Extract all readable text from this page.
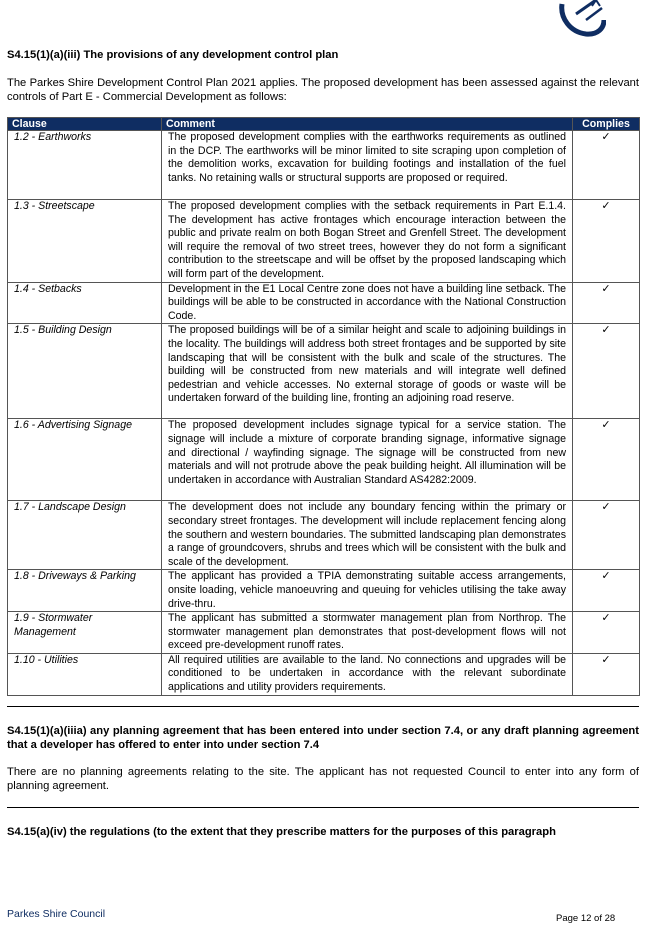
S4.15(1)(a)(iii) The provisions of any development control plan
The Parkes Shire Development Control Plan 2021 applies. The proposed development has been assessed against the relevant controls of Part E - Commercial Development as follows:
Clause	Comment	Complies
1.2 - Earthworks	The proposed development complies with the earthworks requirements as outlined in the DCP. The earthworks will be minor limited to site scraping upon completion of the demolition works, excavation for building footings and installation of the fuel tanks. No retaining walls or structural supports are proposed or required.	✓
1.3 - Streetscape	The proposed development complies with the setback requirements in Part E.1.4. The development has active frontages which encourage interaction between the public and private realm on both Bogan Street and Grenfell Street. The development will require the removal of two street trees, however they do not form a significant contribution to the streetscape and will be offset by the proposed landscaping which will form part of the development.	✓
1.4 - Setbacks	Development in the E1 Local Centre zone does not have a building line setback. The buildings will be able to be constructed in accordance with the National Construction Code.	✓
1.5 - Building Design	The proposed buildings will be of a similar height and scale to adjoining buildings in the locality. The buildings will address both street frontages and be supported by site landscaping that will be consistent with the bulk and scale of the structures. The building will be constructed from new materials and will integrate well defined pedestrian and vehicle accesses. No external storage of goods or waste will be undertaken forward of the building line, fronting an adjoining road reserve.	✓
1.6 - Advertising Signage	The proposed development includes signage typical for a service station. The signage will include a mixture of corporate branding signage, informative signage and directional / wayfinding signage. The signage will be constructed from new materials and will not protrude above the peak building height. All illumination will be undertaken in accordance with Australian Standard AS4282:2009.	✓
1.7 - Landscape Design	The development does not include any boundary fencing within the primary or secondary street frontages. The development will include replacement fencing along the southern and western boundaries. The submitted landscaping plan demonstrates a range of groundcovers, shrubs and trees which will be consistent with the bulk and scale of the development.	✓
1.8 - Driveways & Parking	The applicant has provided a TPIA demonstrating suitable access arrangements, onsite loading, vehicle manoeuvring and queuing for vehicles utilising the take away drive-thru.	✓
1.9 - Stormwater Management	The applicant has submitted a stormwater management plan from Northrop. The stormwater management plan demonstrates that post-development flows will not exceed pre-development runoff rates.	✓
1.10 - Utilities	All required utilities are available to the land. No connections and upgrades will be conditioned to be undertaken in accordance with the relevant subordinate applications and utility providers requirements.	✓
S4.15(1)(a)(iiia) any planning agreement that has been entered into under section 7.4, or any draft planning agreement that a developer has offered to enter into under section 7.4
There are no planning agreements relating to the site. The applicant has not requested Council to enter into any form of planning agreement.
S4.15(a)(iv) the regulations (to the extent that they prescribe matters for the purposes of this paragraph
Parkes Shire Council	Page 12 of 28
